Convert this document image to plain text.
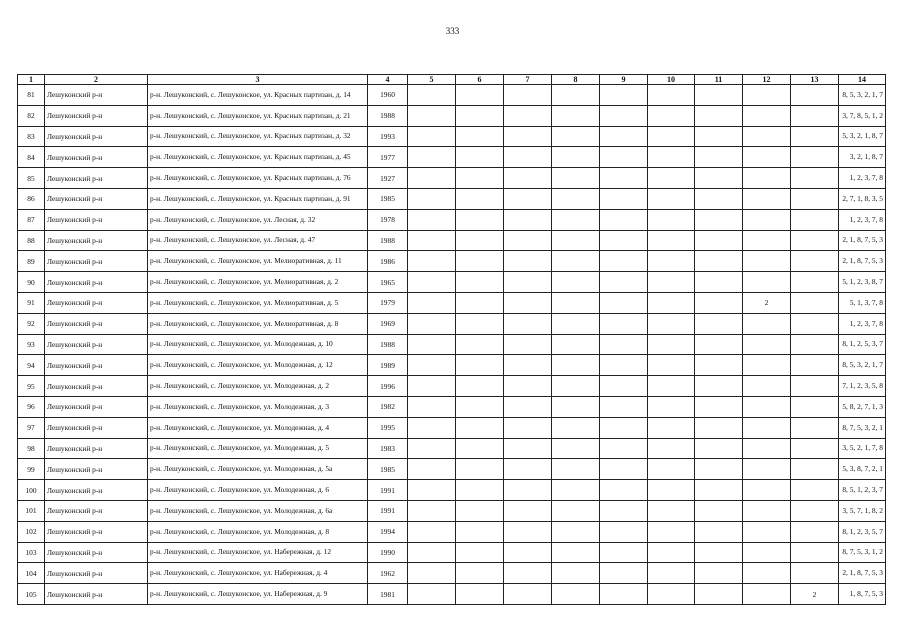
333
1	2	3	4	5	6	7	8	9	10	11	12	13	14
81	Лешуконский р-н	р-н. Лешуконский, с. Лешуконское, ул. Красных партизан, д. 14	1960										8, 5, 3, 2, 1, 7
82	Лешуконский р-н	р-н. Лешуконский, с. Лешуконское, ул. Красных партизан, д. 21	1988										3, 7, 8, 5, 1, 2
83	Лешуконский р-н	р-н. Лешуконский, с. Лешуконское, ул. Красных партизан, д. 32	1993										5, 3, 2, 1, 8, 7
84	Лешуконский р-н	р-н. Лешуконский, с. Лешуконское, ул. Красных партизан, д. 45	1977										3, 2, 1, 8, 7
85	Лешуконский р-н	р-н. Лешуконский, с. Лешуконское, ул. Красных партизан, д. 76	1927										1, 2, 3, 7, 8
86	Лешуконский р-н	р-н. Лешуконский, с. Лешуконское, ул. Красных партизан, д. 91	1985										2, 7, 1, 8, 3, 5
87	Лешуконский р-н	р-н. Лешуконский, с. Лешуконское, ул. Лесная, д. 32	1978										1, 2, 3, 7, 8
88	Лешуконский р-н	р-н. Лешуконский, с. Лешуконское, ул. Лесная, д. 47	1988										2, 1, 8, 7, 5, 3
89	Лешуконский р-н	р-н. Лешуконский, с. Лешуконское, ул. Мелиоративная, д. 11	1986										2, 1, 8, 7, 5, 3
90	Лешуконский р-н	р-н. Лешуконский, с. Лешуконское, ул. Мелиоративная, д. 2	1965										5, 1, 2, 3, 8, 7
91	Лешуконский р-н	р-н. Лешуконский, с. Лешуконское, ул. Мелиоративная, д. 5	1979								2		5, 1, 3, 7, 8
92	Лешуконский р-н	р-н. Лешуконский, с. Лешуконское, ул. Мелиоративная, д. 8	1969										1, 2, 3, 7, 8
93	Лешуконский р-н	р-н. Лешуконский, с. Лешуконское, ул. Молодежная, д. 10	1988										8, 1, 2, 5, 3, 7
94	Лешуконский р-н	р-н. Лешуконский, с. Лешуконское, ул. Молодежная, д. 12	1989										8, 5, 3, 2, 1, 7
95	Лешуконский р-н	р-н. Лешуконский, с. Лешуконское, ул. Молодежная, д. 2	1996										7, 1, 2, 3, 5, 8
96	Лешуконский р-н	р-н. Лешуконский, с. Лешуконское, ул. Молодежная, д. 3	1982										5, 8, 2, 7, 1, 3
97	Лешуконский р-н	р-н. Лешуконский, с. Лешуконское, ул. Молодежная, д. 4	1995										8, 7, 5, 3, 2, 1
98	Лешуконский р-н	р-н. Лешуконский, с. Лешуконское, ул. Молодежная, д. 5	1983										3, 5, 2, 1, 7, 8
99	Лешуконский р-н	р-н. Лешуконский, с. Лешуконское, ул. Молодежная, д. 5а	1985										5, 3, 8, 7, 2, 1
100	Лешуконский р-н	р-н. Лешуконский, с. Лешуконское, ул. Молодежная, д. 6	1991										8, 5, 1, 2, 3, 7
101	Лешуконский р-н	р-н. Лешуконский, с. Лешуконское, ул. Молодежная, д. 6а	1991										3, 5, 7, 1, 8, 2
102	Лешуконский р-н	р-н. Лешуконский, с. Лешуконское, ул. Молодежная, д. 8	1994										8, 1, 2, 3, 5, 7
103	Лешуконский р-н	р-н. Лешуконский, с. Лешуконское, ул. Набережная, д. 12	1990										8, 7, 5, 3, 1, 2
104	Лешуконский р-н	р-н. Лешуконский, с. Лешуконское, ул. Набережная, д. 4	1962										2, 1, 8, 7, 5, 3
105	Лешуконский р-н	р-н. Лешуконский, с. Лешуконское, ул. Набережная, д. 9	1981									2	1, 8, 7, 5, 3
